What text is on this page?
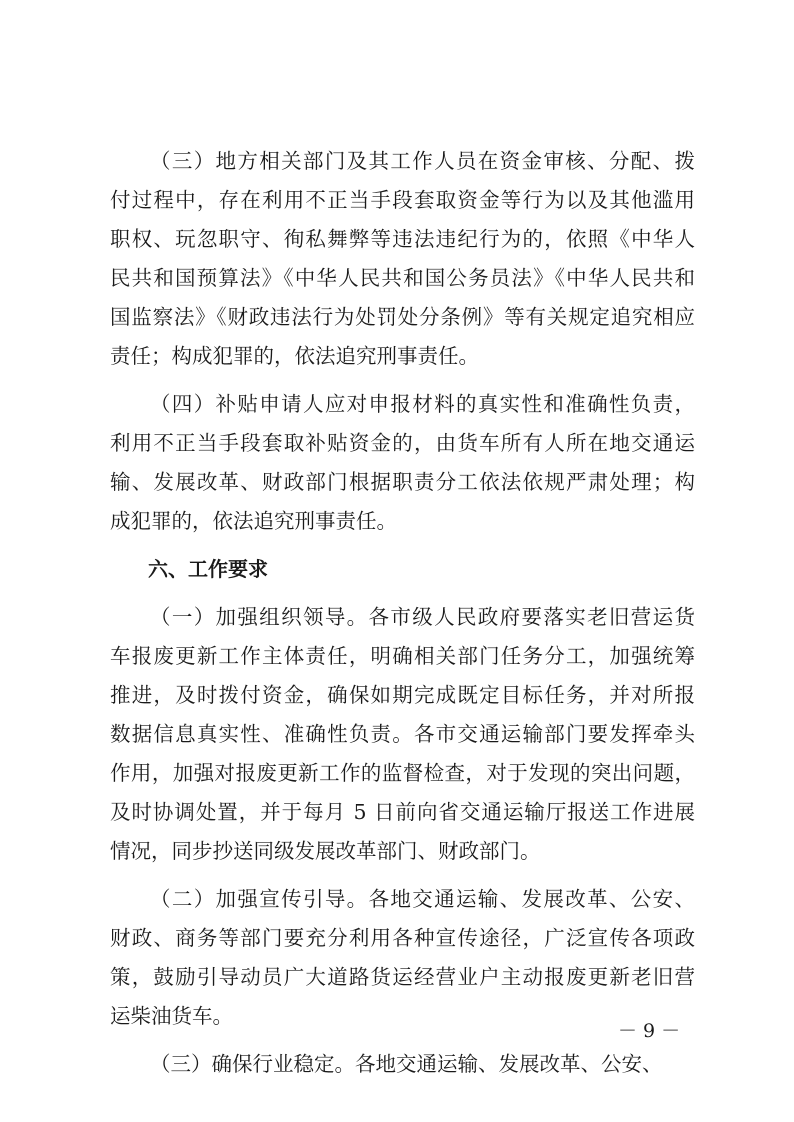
（三）地方相关部门及其工作人员在资金审核、分配、拨
付过程中，存在利用不正当手段套取资金等行为以及其他滥用
职权、玩忽职守、徇私舞弊等违法违纪行为的，依照《中华人
民共和国预算法》《中华人民共和国公务员法》《中华人民共和
国监察法》《财政违法行为处罚处分条例》等有关规定追究相应
责任；构成犯罪的，依法追究刑事责任。
（四）补贴申请人应对申报材料的真实性和准确性负责，
利用不正当手段套取补贴资金的，由货车所有人所在地交通运
输、发展改革、财政部门根据职责分工依法依规严肃处理；构
成犯罪的，依法追究刑事责任。
六、工作要求
（一）加强组织领导。各市级人民政府要落实老旧营运货
车报废更新工作主体责任，明确相关部门任务分工，加强统筹
推进，及时拨付资金，确保如期完成既定目标任务，并对所报
数据信息真实性、准确性负责。各市交通运输部门要发挥牵头
作用，加强对报废更新工作的监督检查，对于发现的突出问题，
及时协调处置，并于每月 5 日前向省交通运输厅报送工作进展
情况，同步抄送同级发展改革部门、财政部门。
（二）加强宣传引导。各地交通运输、发展改革、公安、
财政、商务等部门要充分利用各种宣传途径，广泛宣传各项政
策，鼓励引导动员广大道路货运经营业户主动报废更新老旧营
运柴油货车。
（三）确保行业稳定。各地交通运输、发展改革、公安、
－ 9 －
